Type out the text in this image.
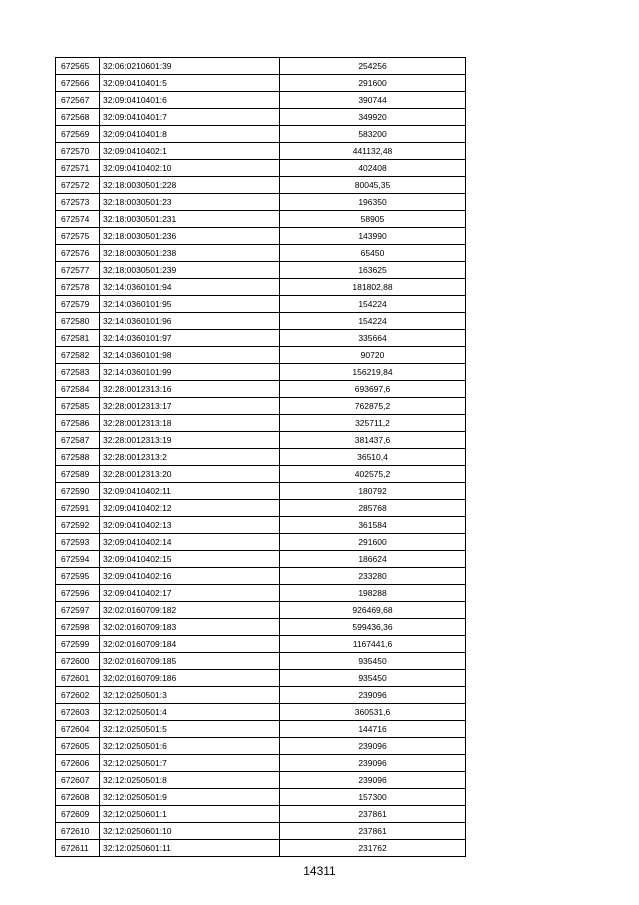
672565	32:06:0210601:39	254256
672566	32:09:0410401:5	291600
672567	32:09:0410401:6	390744
672568	32:09:0410401:7	349920
672569	32:09:0410401:8	583200
672570	32:09:0410402:1	441132,48
672571	32:09:0410402:10	402408
672572	32:18:0030501:228	80045,35
672573	32:18:0030501:23	196350
672574	32:18:0030501:231	58905
672575	32:18:0030501:236	143990
672576	32:18:0030501:238	65450
672577	32:18:0030501:239	163625
672578	32:14:0360101:94	181802,88
672579	32:14:0360101:95	154224
672580	32:14:0360101:96	154224
672581	32:14:0360101:97	335664
672582	32:14:0360101:98	90720
672583	32:14:0360101:99	156219,84
672584	32:28:0012313:16	693697,6
672585	32:28:0012313:17	762875,2
672586	32:28:0012313:18	325711,2
672587	32:28:0012313:19	381437,6
672588	32:28:0012313:2	36510,4
672589	32:28:0012313:20	402575,2
672590	32:09:0410402:11	180792
672591	32:09:0410402:12	285768
672592	32:09:0410402:13	361584
672593	32:09:0410402:14	291600
672594	32:09:0410402:15	186624
672595	32:09:0410402:16	233280
672596	32:09:0410402:17	198288
672597	32:02:0160709:182	926469,68
672598	32:02:0160709:183	599436,36
672599	32:02:0160709:184	1167441,6
672600	32:02:0160709:185	935450
672601	32:02:0160709:186	935450
672602	32:12:0250501:3	239096
672603	32:12:0250501:4	360531,6
672604	32:12:0250501:5	144716
672605	32:12:0250501:6	239096
672606	32:12:0250501:7	239096
672607	32:12:0250501:8	239096
672608	32:12:0250501:9	157300
672609	32:12:0250601:1	237861
672610	32:12:0250601:10	237861
672611	32:12:0250601:11	231762
14311
